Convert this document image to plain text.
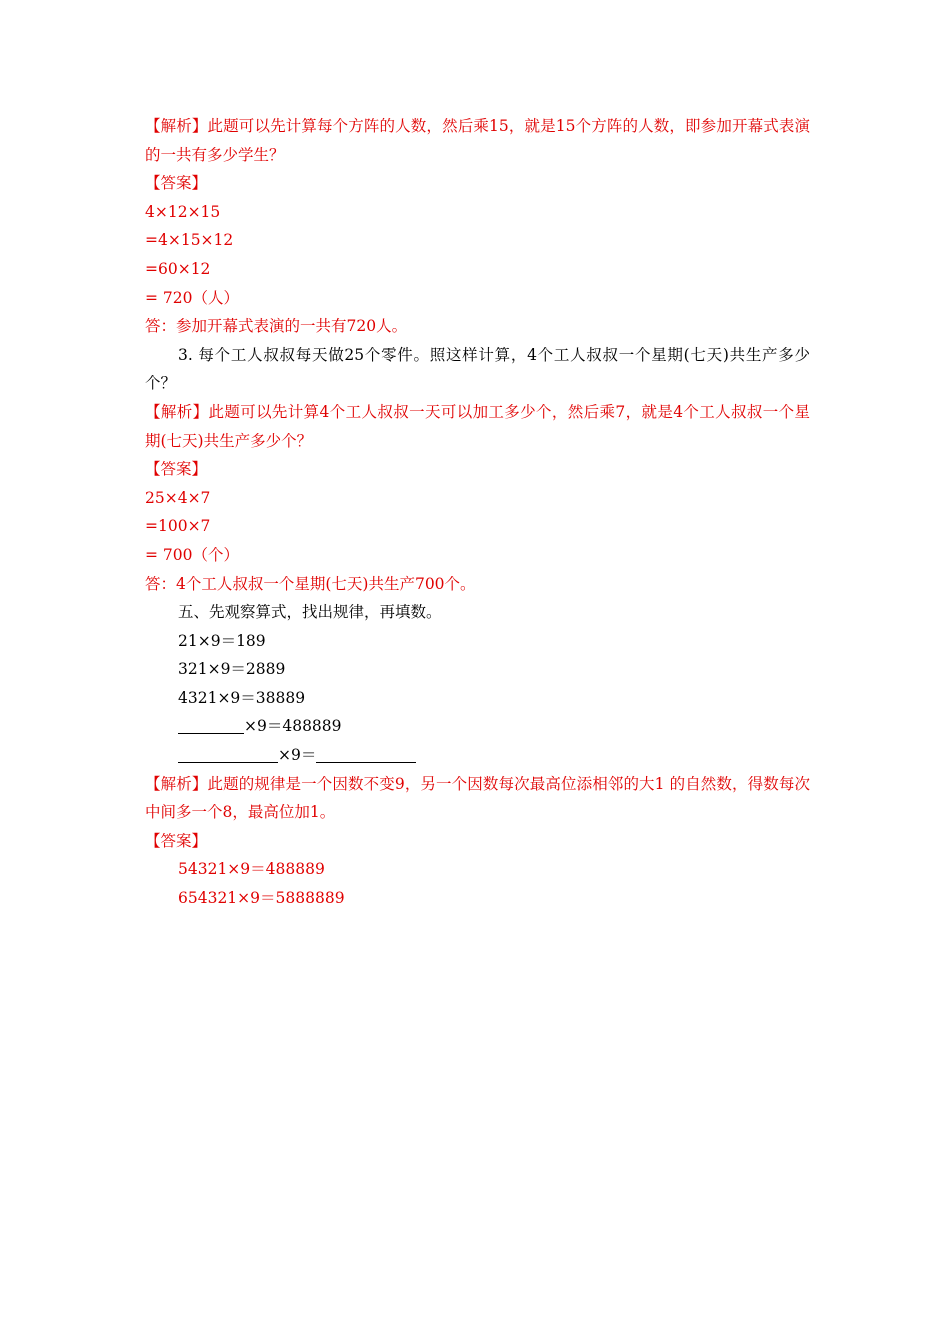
【解析】此题可以先计算每个方阵的人数，然后乘15，就是15个方阵的人数，即参加开幕式表演的一共有多少学生？
【答案】
4×12×15
=4×15×12
=60×12
= 720（人）
答：参加开幕式表演的一共有720人。
3. 每个工人叔叔每天做25个零件。照这样计算，4个工人叔叔一个星期(七天)共生产多少个？
【解析】此题可以先计算4个工人叔叔一天可以加工多少个，然后乘7，就是4个工人叔叔一个星期(七天)共生产多少个？
【答案】
25×4×7
=100×7
= 700（个）
答：4个工人叔叔一个星期(七天)共生产700个。
五、先观察算式，找出规律，再填数。
21×9＝189
321×9＝2889
4321×9＝38889
×9＝488889
×9＝
【解析】此题的规律是一个因数不变9，另一个因数每次最高位添相邻的大1 的自然数，得数每次中间多一个8，最高位加1。
【答案】
54321×9＝488889
654321×9＝5888889
